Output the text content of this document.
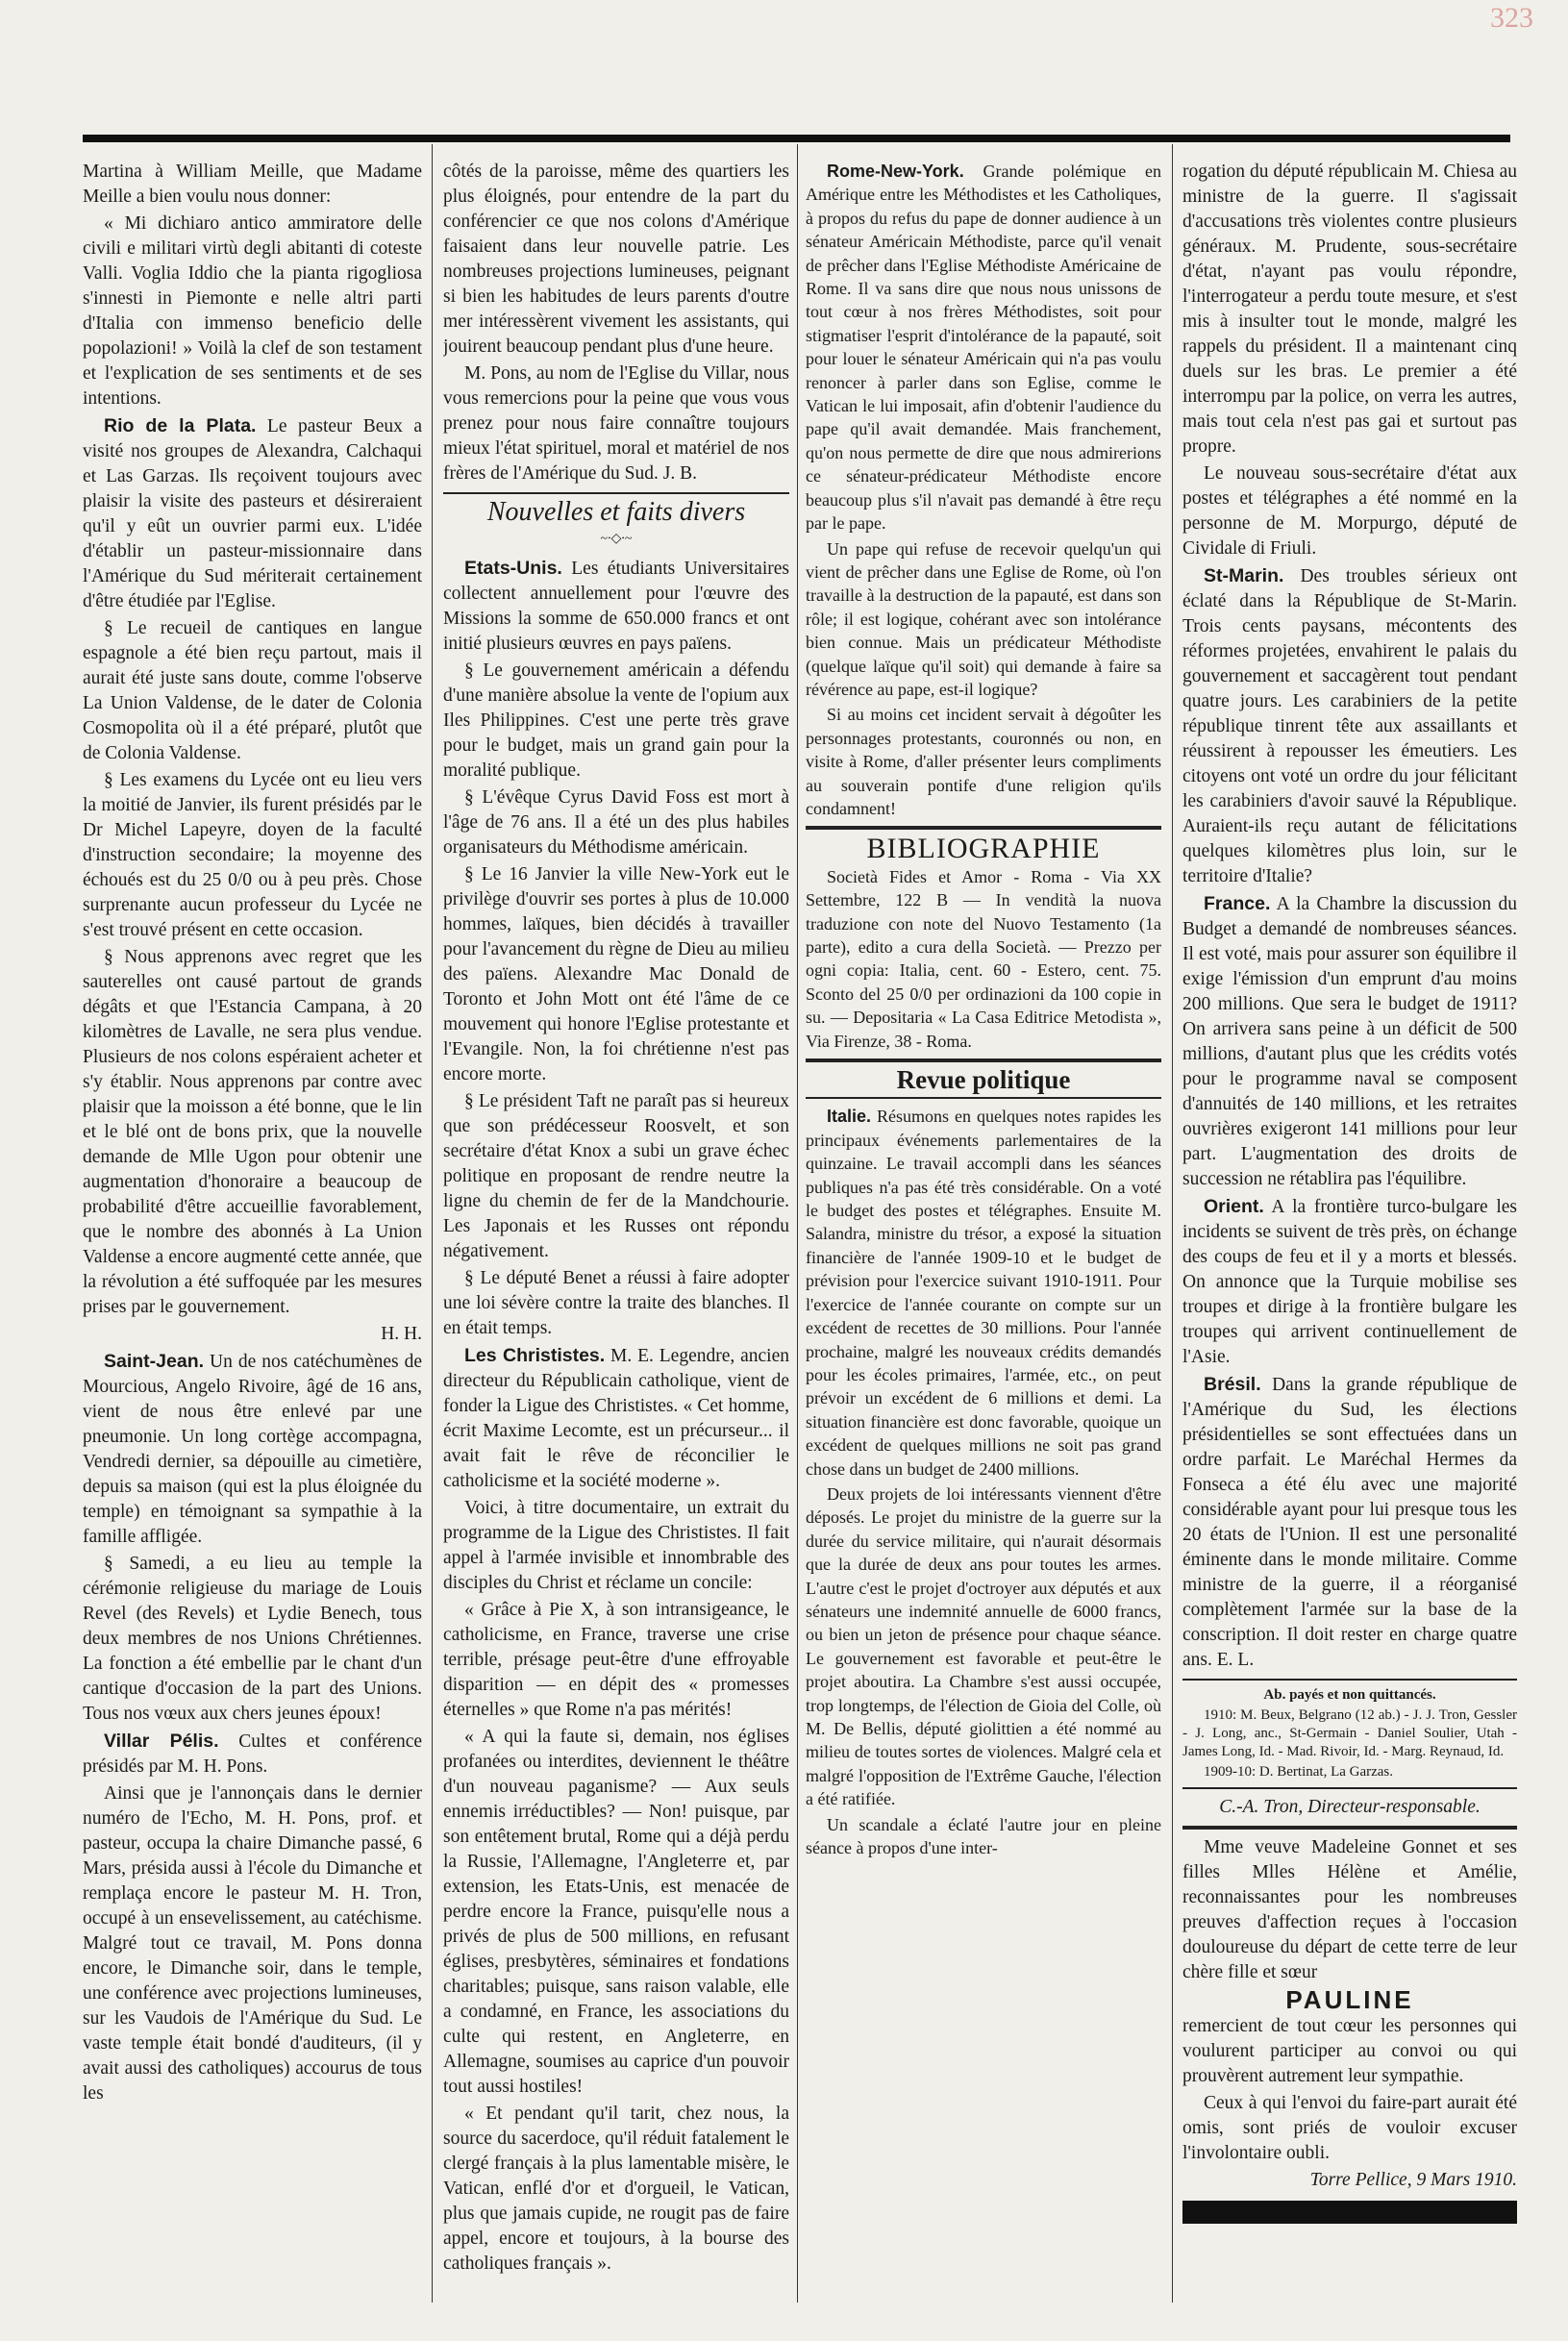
323

Martina à William Meille, que Madame Meille a bien voulu nous donner:

« Mi dichiaro antico ammiratore delle civili e militari virtù degli abitanti di coteste Valli. Voglia Iddio che la pianta rigogliosa s'innesti in Piemonte e nelle altri parti d'Italia con immenso beneficio delle popolazioni! » Voilà la clef de son testament et l'explication de ses sentiments et de ses intentions.

Rio de la Plata. Le pasteur Beux a visité nos groupes de Alexandra, Calchaqui et Las Garzas. Ils reçoivent toujours avec plaisir la visite des pasteurs et désireraient qu'il y eût un ouvrier parmi eux. L'idée d'établir un pasteur-missionnaire dans l'Amérique du Sud mériterait certainement d'être étudiée par l'Eglise.

§ Le recueil de cantiques en langue espagnole a été bien reçu partout, mais il aurait été juste sans doute, comme l'observe La Union Valdense, de le dater de Colonia Cosmopolita où il a été préparé, plutôt que de Colonia Valdense.

§ Les examens du Lycée ont eu lieu vers la moitié de Janvier, ils furent présidés par le Dr Michel Lapeyre, doyen de la faculté d'instruction secondaire; la moyenne des échoués est du 25 0/0 ou à peu près. Chose surprenante aucun professeur du Lycée ne s'est trouvé présent en cette occasion.

§ Nous apprenons avec regret que les sauterelles ont causé partout de grands dégâts et que l'Estancia Campana, à 20 kilomètres de Lavalle, ne sera plus vendue. Plusieurs de nos colons espéraient acheter et s'y établir. Nous apprenons par contre avec plaisir que la moisson a été bonne, que le lin et le blé ont de bons prix, que la nouvelle demande de Mlle Ugon pour obtenir une augmentation d'honoraire a beaucoup de probabilité d'être accueillie favorablement, que le nombre des abonnés à La Union Valdense a encore augmenté cette année, que la révolution a été suffoquée par les mesures prises par le gouvernement.

H. H.

Saint-Jean. Un de nos catéchumènes de Mourcious, Angelo Rivoire, âgé de 16 ans, vient de nous être enlevé par une pneumonie. Un long cortège accompagna, Vendredi dernier, sa dépouille au cimetière, depuis sa maison (qui est la plus éloignée du temple) en témoignant sa sympathie à la famille affligée.

§ Samedi, a eu lieu au temple la cérémonie religieuse du mariage de Louis Revel (des Revels) et Lydie Benech, tous deux membres de nos Unions Chrétiennes. La fonction a été embellie par le chant d'un cantique d'occasion de la part des Unions. Tous nos vœux aux chers jeunes époux!

Villar Pélis. Cultes et conférence présidés par M. H. Pons.

Ainsi que je l'annonçais dans le dernier numéro de l'Echo, M. H. Pons, prof. et pasteur, occupa la chaire Dimanche passé, 6 Mars, présida aussi à l'école du Dimanche et remplaça encore le pasteur M. H. Tron, occupé à un ensevelissement, au catéchisme. Malgré tout ce travail, M. Pons donna encore, le Dimanche soir, dans le temple, une conférence avec projections lumineuses, sur les Vaudois de l'Amérique du Sud. Le vaste temple était bondé d'auditeurs, (il y avait aussi des catholiques) accourus de tous les

côtés de la paroisse, même des quartiers les plus éloignés, pour entendre de la part du conférencier ce que nos colons d'Amérique faisaient dans leur nouvelle patrie. Les nombreuses projections lumineuses, peignant si bien les habitudes de leurs parents d'outre mer intéressèrent vivement les assistants, qui jouirent beaucoup pendant plus d'une heure.

M. Pons, au nom de l'Eglise du Villar, nous vous remercions pour la peine que vous vous prenez pour nous faire connaître toujours mieux l'état spirituel, moral et matériel de nos frères de l'Amérique du Sud. J. B.

Nouvelles et faits divers
~∙◇∙~

Etats-Unis. Les étudiants Universitaires collectent annuellement pour l'œuvre des Missions la somme de 650.000 francs et ont initié plusieurs œuvres en pays païens.

§ Le gouvernement américain a défendu d'une manière absolue la vente de l'opium aux Iles Philippines. C'est une perte très grave pour le budget, mais un grand gain pour la moralité publique.

§ L'évêque Cyrus David Foss est mort à l'âge de 76 ans. Il a été un des plus habiles organisateurs du Méthodisme américain.

§ Le 16 Janvier la ville New-York eut le privilège d'ouvrir ses portes à plus de 10.000 hommes, laïques, bien décidés à travailler pour l'avancement du règne de Dieu au milieu des païens. Alexandre Mac Donald de Toronto et John Mott ont été l'âme de ce mouvement qui honore l'Eglise protestante et l'Evangile. Non, la foi chrétienne n'est pas encore morte.

§ Le président Taft ne paraît pas si heureux que son prédécesseur Roosvelt, et son secrétaire d'état Knox a subi un grave échec politique en proposant de rendre neutre la ligne du chemin de fer de la Mandchourie. Les Japonais et les Russes ont répondu négativement.

§ Le député Benet a réussi à faire adopter une loi sévère contre la traite des blanches. Il en était temps.

Les Christistes. M. E. Legendre, ancien directeur du Républicain catholique, vient de fonder la Ligue des Christistes. « Cet homme, écrit Maxime Lecomte, est un précurseur... il avait fait le rêve de réconcilier le catholicisme et la société moderne ».

Voici, à titre documentaire, un extrait du programme de la Ligue des Christistes. Il fait appel à l'armée invisible et innombrable des disciples du Christ et réclame un concile:

« Grâce à Pie X, à son intransigeance, le catholicisme, en France, traverse une crise terrible, présage peut-être d'une effroyable disparition — en dépit des « promesses éternelles » que Rome n'a pas mérités!

« A qui la faute si, demain, nos églises profanées ou interdites, deviennent le théâtre d'un nouveau paganisme? — Aux seuls ennemis irréductibles? — Non! puisque, par son entêtement brutal, Rome qui a déjà perdu la Russie, l'Allemagne, l'Angleterre et, par extension, les Etats-Unis, est menacée de perdre encore la France, puisqu'elle nous a privés de plus de 500 millions, en refusant églises, presbytères, séminaires et fondations charitables; puisque, sans raison valable, elle a condamné, en France, les associations du culte qui restent, en Angleterre, en Allemagne, soumises au caprice d'un pouvoir tout aussi hostiles!

« Et pendant qu'il tarit, chez nous, la source du sacerdoce, qu'il réduit fatalement le clergé français à la plus lamentable misère, le Vatican, enflé d'or et d'orgueil, le Vatican, plus que jamais cupide, ne rougit pas de faire appel, encore et toujours, à la bourse des catholiques français ».

Rome-New-York. Grande polémique en Amérique entre les Méthodistes et les Catholiques, à propos du refus du pape de donner audience à un sénateur Américain Méthodiste, parce qu'il venait de prêcher dans l'Eglise Méthodiste Américaine de Rome. Il va sans dire que nous nous unissons de tout cœur à nos frères Méthodistes, soit pour stigmatiser l'esprit d'intolérance de la papauté, soit pour louer le sénateur Américain qui n'a pas voulu renoncer à parler dans son Eglise, comme le Vatican le lui imposait, afin d'obtenir l'audience du pape qu'il avait demandée. Mais franchement, qu'on nous permette de dire que nous admirerions ce sénateur-prédicateur Méthodiste encore beaucoup plus s'il n'avait pas demandé à être reçu par le pape.

Un pape qui refuse de recevoir quelqu'un qui vient de prêcher dans une Eglise de Rome, où l'on travaille à la destruction de la papauté, est dans son rôle; il est logique, cohérant avec son intolérance bien connue. Mais un prédicateur Méthodiste (quelque laïque qu'il soit) qui demande à faire sa révérence au pape, est-il logique?

Si au moins cet incident servait à dégoûter les personnages protestants, couronnés ou non, en visite à Rome, d'aller présenter leurs compliments au souverain pontife d'une religion qu'ils condamnent!

BIBLIOGRAPHIE

Società Fides et Amor - Roma - Via XX Settembre, 122 B — In vendità la nuova traduzione con note del Nuovo Testamento (1a parte), edito a cura della Società. — Prezzo per ogni copia: Italia, cent. 60 - Estero, cent. 75. Sconto del 25 0/0 per ordinazioni da 100 copie in su. — Depositaria « La Casa Editrice Metodista », Via Firenze, 38 - Roma.

Revue politique

Italie. Résumons en quelques notes rapides les principaux événements parlementaires de la quinzaine. Le travail accompli dans les séances publiques n'a pas été très considérable. On a voté le budget des postes et télégraphes. Ensuite M. Salandra, ministre du trésor, a exposé la situation financière de l'année 1909-10 et le budget de prévision pour l'exercice suivant 1910-1911. Pour l'exercice de l'année courante on compte sur un excédent de recettes de 30 millions. Pour l'année prochaine, malgré les nouveaux crédits demandés pour les écoles primaires, l'armée, etc., on peut prévoir un excédent de 6 millions et demi. La situation financière est donc favorable, quoique un excédent de quelques millions ne soit pas grand chose dans un budget de 2400 millions.

Deux projets de loi intéressants viennent d'être déposés. Le projet du ministre de la guerre sur la durée du service militaire, qui n'aurait désormais que la durée de deux ans pour toutes les armes. L'autre c'est le projet d'octroyer aux députés et aux sénateurs une indemnité annuelle de 6000 francs, ou bien un jeton de présence pour chaque séance. Le gouvernement est favorable et peut-être le projet aboutira. La Chambre s'est aussi occupée, trop longtemps, de l'élection de Gioia del Colle, où M. De Bellis, député giolittien a été nommé au milieu de toutes sortes de violences. Malgré cela et malgré l'opposition de l'Extrême Gauche, l'élection a été ratifiée.

Un scandale a éclaté l'autre jour en pleine séance à propos d'une inter-

rogation du député républicain M. Chiesa au ministre de la guerre. Il s'agissait d'accusations très violentes contre plusieurs généraux. M. Prudente, sous-secrétaire d'état, n'ayant pas voulu répondre, l'interrogateur a perdu toute mesure, et s'est mis à insulter tout le monde, malgré les rappels du président. Il a maintenant cinq duels sur les bras. Le premier a été interrompu par la police, on verra les autres, mais tout cela n'est pas gai et surtout pas propre.

Le nouveau sous-secrétaire d'état aux postes et télégraphes a été nommé en la personne de M. Morpurgo, député de Cividale di Friuli.

St-Marin. Des troubles sérieux ont éclaté dans la République de St-Marin. Trois cents paysans, mécontents des réformes projetées, envahirent le palais du gouvernement et saccagèrent tout pendant quatre jours. Les carabiniers de la petite république tinrent tête aux assaillants et réussirent à repousser les émeutiers. Les citoyens ont voté un ordre du jour félicitant les carabiniers d'avoir sauvé la République. Auraient-ils reçu autant de félicitations quelques kilomètres plus loin, sur le territoire d'Italie?

France. A la Chambre la discussion du Budget a demandé de nombreuses séances. Il est voté, mais pour assurer son équilibre il exige l'émission d'un emprunt d'au moins 200 millions. Que sera le budget de 1911? On arrivera sans peine à un déficit de 500 millions, d'autant plus que les crédits votés pour le programme naval se composent d'annuités de 140 millions, et les retraites ouvrières exigeront 141 millions pour leur part. L'augmentation des droits de succession ne rétablira pas l'équilibre.

Orient. A la frontière turco-bulgare les incidents se suivent de très près, on échange des coups de feu et il y a morts et blessés. On annonce que la Turquie mobilise ses troupes et dirige à la frontière bulgare les troupes qui arrivent continuellement de l'Asie.

Brésil. Dans la grande république de l'Amérique du Sud, les élections présidentielles se sont effectuées dans un ordre parfait. Le Maréchal Hermes da Fonseca a été élu avec une majorité considérable ayant pour lui presque tous les 20 états de l'Union. Il est une personalité éminente dans le monde militaire. Comme ministre de la guerre, il a réorganisé complètement l'armée sur la base de la conscription. Il doit rester en charge quatre ans. E. L.

Ab. payés et non quittancés.

1910: M. Beux, Belgrano (12 ab.) - J. J. Tron, Gessler - J. Long, anc., St-Germain - Daniel Soulier, Utah - James Long, Id. - Mad. Rivoir, Id. - Marg. Reynaud, Id.

1909-10: D. Bertinat, La Garzas.

C.-A. Tron, Directeur-responsable.

Mme veuve Madeleine Gonnet et ses filles Mlles Hélène et Amélie, reconnaissantes pour les nombreuses preuves d'affection reçues à l'occasion douloureuse du départ de cette terre de leur chère fille et sœur

PAULINE

remercient de tout cœur les personnes qui voulurent participer au convoi ou qui prouvèrent autrement leur sympathie.

Ceux à qui l'envoi du faire-part aurait été omis, sont priés de vouloir excuser l'involontaire oubli.

Torre Pellice, 9 Mars 1910.
